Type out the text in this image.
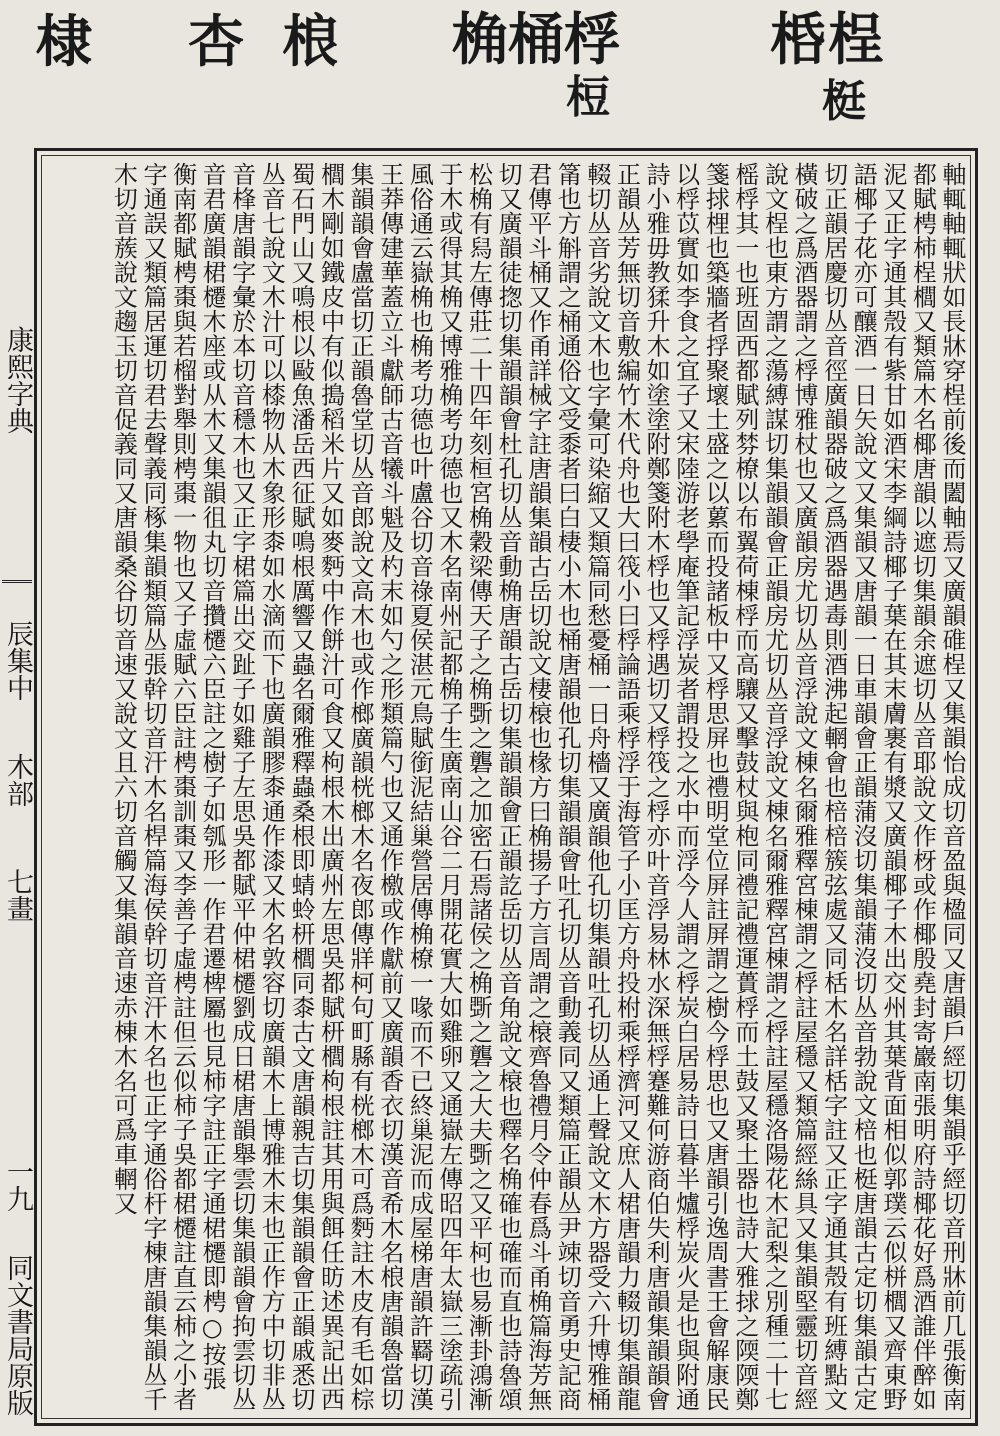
棣 杏 桹 桷 桶 桴
梪
桰 桯
梃
康熙字典
辰集中
木部
七畫
一九
同文書局原版	軸輒軸輒狀如長牀穿桯前後而闔軸焉又廣韻碓桯又集韻怡成切音盈與楹同又唐韻戶經切集韻乎經切音刑牀前几張衡南都賦梬柿桯櫚又類篇木名椰唐韻以遮切集韻余遮切丛音耶說文作枒或作椰殷堯封寄巖南張明府詩椰花好爲酒誰伴醉如泥又正字通其殼有紫甘如酒宋李綱詩椰子葉在其末膚裹有漿又廣韻椰子木出交州其葉背面相似郭璞云似栟櫚又齊東野語椰子花亦可釀酒一日矢說文又集韻又唐韻一日車韻會正韻蒲沒切集韻蒲沒切丛音勃說文棓也梃唐韻古定切集韻古定切正韻居慶切丛音徑廣韻器破之爲酒器遇毒則酒沸起輞會也棓棓簇弦處又同栝木名詳栝字註又正字通其殼有班縛點文橫破之爲酒器謂之桴博雅杖也又廣韻房尤切丛音浮說文棟名爾雅釋宮棟謂之桴註屋穩又類篇經絲具又集韻堅靈切音經說文桯也東方謂之蕩縛謀切集韻韻會正韻房尤切丛音浮說文棟名爾雅釋宮棟謂之桴註屋穩洛陽花木記梨之別種二十七榣桴其一也班固西都賦列棼橑以布翼荷棟桴而高驤又擊鼓杖與枹同禮記禮運蕢桴而土鼓又聚土器也詩大雅捄之陾陾鄭箋捄梩也築牆者捊聚壞土盛之以蔂而投諸板中又桴思屏也禮明堂位屏註屏謂之樹今桴思也又唐韻引逸周書王會解康民以桴苡實如李食之宜子又宋陸游老學庵筆記浮炭者謂投之水中而浮今人謂之桴炭白居易詩日暮半爐桴炭火是也與附通詩小雅毋教猱升木如塗塗附鄭箋附木桴也又桴遇切又桴筏之桴亦叶音浮易林水深無桴蹇難何游商伯失利唐韻集韻韻會正韻丛芳無切音敷編竹木代舟也大曰筏小曰桴論語乘桴浮于海管子小匡方舟投柎乘桴濟河又庶人桾唐韻力輟切集韻龍輟切丛音劣說文木也字彙可染縮又類篇同愁憂桶一日舟檣又廣韻他孔切集韻吐孔切丛通上聲說文木方器受六升博雅桶筩也方斛謂之桶通俗文受黍者曰白棲小木也桶唐韻他孔切集韻韻會吐孔切丛音動義同又類篇正韻丛尹竦切音勇史記商君傳平斗桶又作甬詳械字註唐韻集韻古岳切說文棲榱也椽方曰桷揚子方言周謂之榱齊魯禮月令仲春爲斗甬桷篇海芳無切又廣韻徒揔切集韻韻會杜孔切丛音動桷唐韻古岳切集韻韻會正韻訖岳切丛音角說文榱也釋名桷確也確而直也詩魯頌松桷有舄左傳莊二十四年刻桓宮桷穀梁傳天子之桷斲之礱之加密石焉諸侯之桷斲之礱之大夫斲之又平柯也易漸卦鴻漸于木或得其桷又博雅桷考功德也又木名南州記都桷子生廣南山谷二月開花實大如雞卵又通嶽左傳昭四年太嶽三塗疏引風俗通云嶽桷也桷考功德也叶盧谷切音祿夏侯湛元鳥賦銜泥結巢營居傳桷橑一喙而不已終巢泥而成屋梯唐韻許羇切漢王莽傳建華蓋立斗獻師古音犧斗魁及杓末如勺之形類篇勺也又通作檄或作獻前又廣韻香衣切漢音希木名桹唐韻魯當切集韻韻會盧當切正韻魯堂切丛音郎說文高木也或作榔廣韻桄榔木名夜郎傳牂柯句町縣有桄榔木可爲麪註木皮有毛如棕櫚木剛如鐵皮中有似搗稻米片又如麥麪中作餅汁可食又枸根木出廣州左思吳都賦枅櫚枸根註其用與餌任昉述異記出西蜀石門山又鳴根以敺魚潘岳西征賦鳴根厲響又蟲名爾雅釋蟲桑根即蜻蛉枅櫚同桼古文唐韻親吉切集韻韻會正韻戚悉切丛音七說文木汁可以㯃物从木象形桼如水滴而下也廣韻膠桼通作漆又木名敦容切廣韻木上博雅木末也正作方中切非丛音桻唐韻字彙於本切音穩木也又正字桾篇出交趾子如雞子左思吳都賦平仲桾櫏劉成日桾唐韻舉雲切集韻韻會拘雲切丛音君廣韻桾櫏木座或从木又集韻徂丸切音攢櫏六臣註之樹子如瓠形一作君遷椑屬也見柿字註正字通桾櫏即梬○按張衡南都賦梬棗與若榴對舉則梬棗一物也又子虛賦六臣註梬棗訓棗又李善子虛梬註但云似柿子吳都桾櫏註直云柿之小者字通誤又類篇居運切君去聲義同椓集韻類篇丛張幹切音汗木名桿篇海侯幹切音汗木名也正字通俗杆字棟唐韻集韻丛千木切音蔟說文趨玉切音促義同又唐韻桑谷切音速又說文且六切音觸又集韻音速赤棟木名可爲車輞又
